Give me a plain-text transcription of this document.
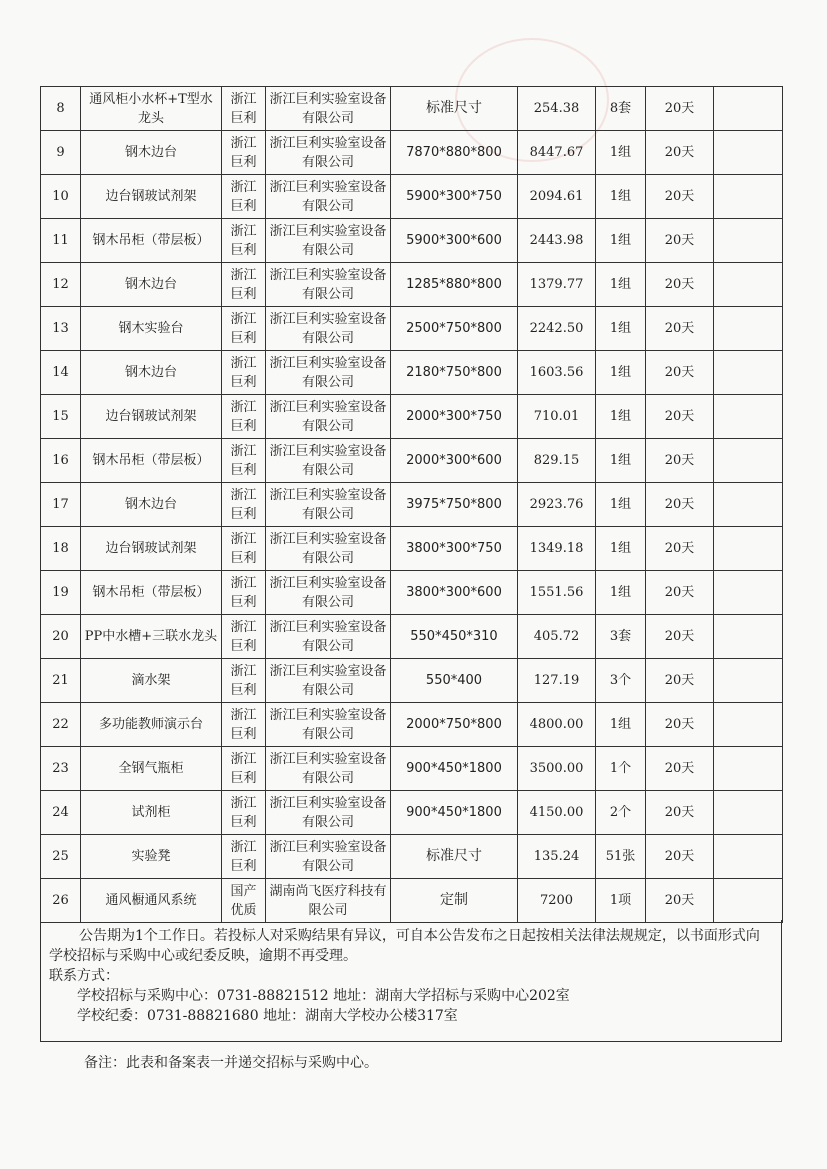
8	通风柜小水杯+T型水龙头	浙江巨利	浙江巨利实验室设备有限公司	标准尺寸	254.38	8套	20天	
9	钢木边台	浙江巨利	浙江巨利实验室设备有限公司	7870*880*800	8447.67	1组	20天	
10	边台钢玻试剂架	浙江巨利	浙江巨利实验室设备有限公司	5900*300*750	2094.61	1组	20天	
11	钢木吊柜（带层板）	浙江巨利	浙江巨利实验室设备有限公司	5900*300*600	2443.98	1组	20天	
12	钢木边台	浙江巨利	浙江巨利实验室设备有限公司	1285*880*800	1379.77	1组	20天	
13	钢木实验台	浙江巨利	浙江巨利实验室设备有限公司	2500*750*800	2242.50	1组	20天	
14	钢木边台	浙江巨利	浙江巨利实验室设备有限公司	2180*750*800	1603.56	1组	20天	
15	边台钢玻试剂架	浙江巨利	浙江巨利实验室设备有限公司	2000*300*750	710.01	1组	20天	
16	钢木吊柜（带层板）	浙江巨利	浙江巨利实验室设备有限公司	2000*300*600	829.15	1组	20天	
17	钢木边台	浙江巨利	浙江巨利实验室设备有限公司	3975*750*800	2923.76	1组	20天	
18	边台钢玻试剂架	浙江巨利	浙江巨利实验室设备有限公司	3800*300*750	1349.18	1组	20天	
19	钢木吊柜（带层板）	浙江巨利	浙江巨利实验室设备有限公司	3800*300*600	1551.56	1组	20天	
20	PP中水槽+三联水龙头	浙江巨利	浙江巨利实验室设备有限公司	550*450*310	405.72	3套	20天	
21	滴水架	浙江巨利	浙江巨利实验室设备有限公司	550*400	127.19	3个	20天	
22	多功能教师演示台	浙江巨利	浙江巨利实验室设备有限公司	2000*750*800	4800.00	1组	20天	
23	全钢气瓶柜	浙江巨利	浙江巨利实验室设备有限公司	900*450*1800	3500.00	1个	20天	
24	试剂柜	浙江巨利	浙江巨利实验室设备有限公司	900*450*1800	4150.00	2个	20天	
25	实验凳	浙江巨利	浙江巨利实验室设备有限公司	标准尺寸	135.24	51张	20天	
26	通风橱通风系统	国产优质	湖南尚飞医疗科技有限公司	定制	7200	1项	20天	

公告期为1个工作日。若投标人对采购结果有异议，可自本公告发布之日起按相关法律法规规定，以书面形式向学校招标与采购中心或纪委反映，逾期不再受理。

联系方式：

学校招标与采购中心：0731-88821512 地址：湖南大学招标与采购中心202室

学校纪委：0731-88821680 地址：湖南大学校办公楼317室

备注：此表和备案表一并递交招标与采购中心。
